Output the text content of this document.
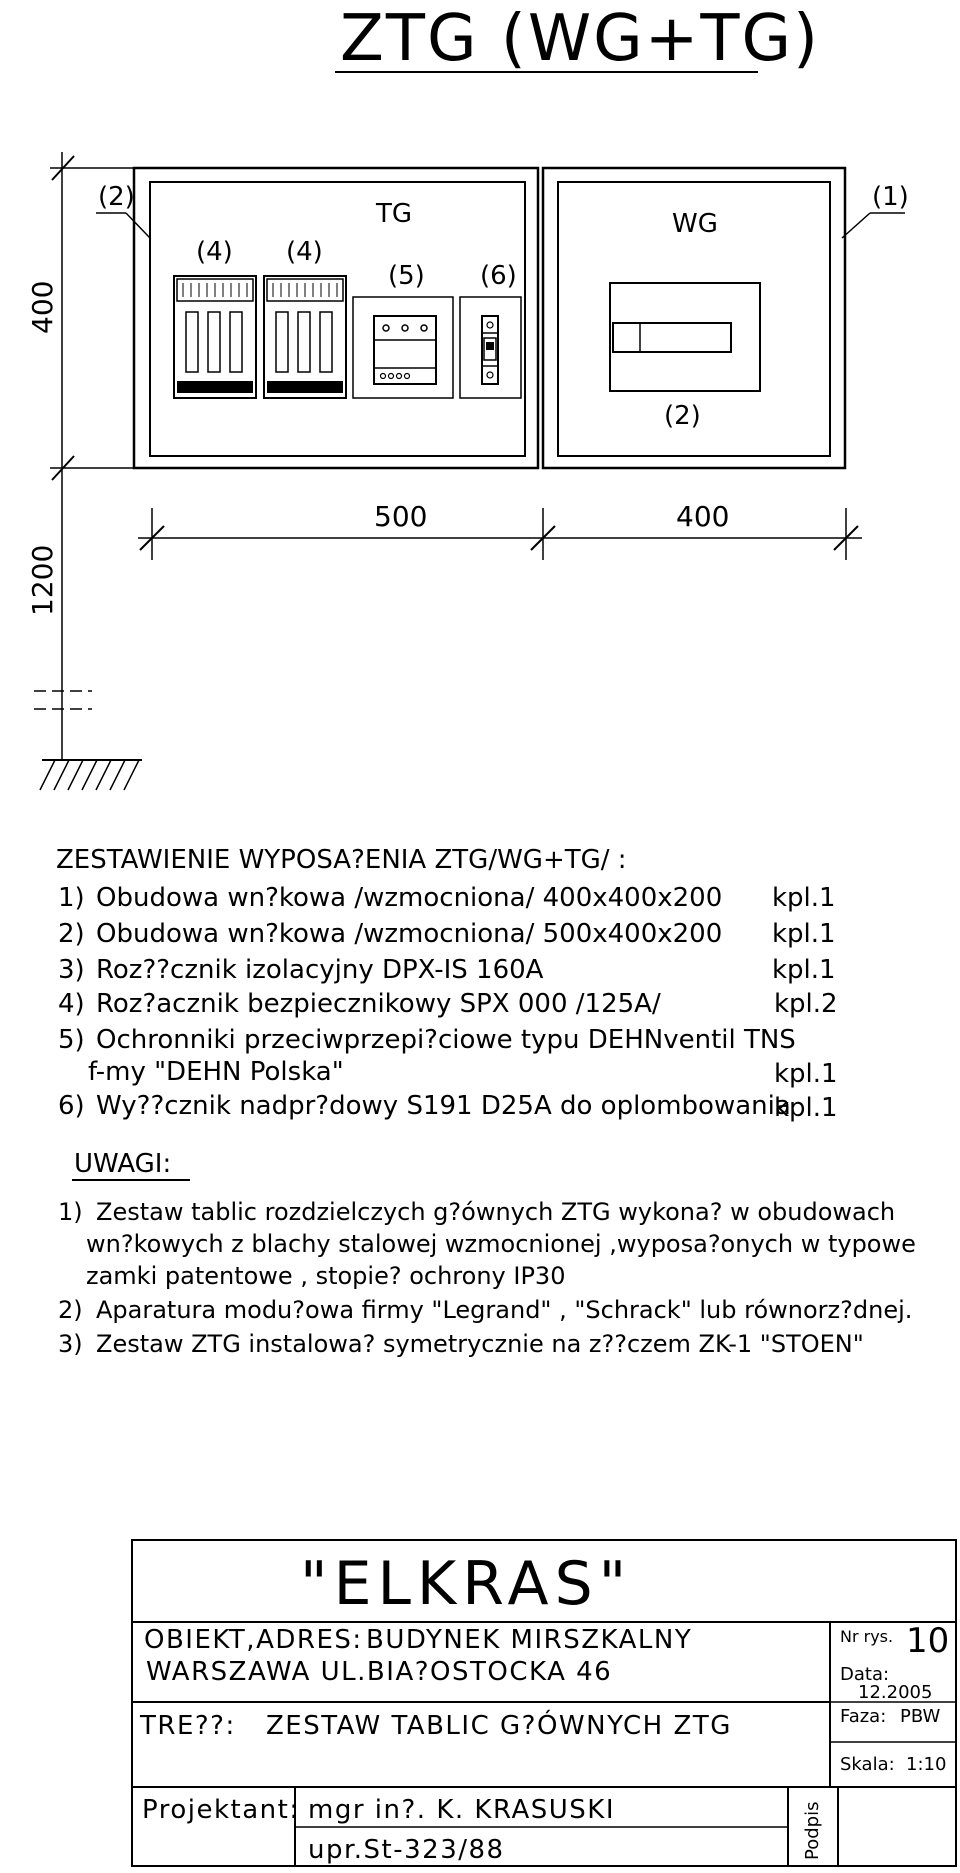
ZTG (WG+TG)
TG	WG
(4) (4)
(5) (6)
(2)
(2)	(1)
400
1200
500	400
ZESTAWIENIE WYPOSA?ENIA ZTG/WG+TG/ :
1) Obudowa wn?kowa /wzmocniona/ 400x400x200 kpl.1
2) Obudowa wn?kowa /wzmocniona/ 500x400x200 kpl.1
3) Roz??cznik izolacyjny DPX-IS 160A	kpl.1
4) Roz?acznik bezpiecznikowy SPX 000 /125A/	kpl.2
5) Ochronniki przeciwprzepi?ciowe typu DEHNventil TNS
f-my "DEHN Polska"	kpl.1
6) Wy??cznik nadpr?dowy S191 D25A do oplombowania
kpl.1
UWAGI:
1) Zestaw tablic rozdzielczych g?ównych ZTG wykona? w obudowach
wn?kowych z blachy stalowej wzmocnionej ,wyposa?onych w typowe
zamki patentowe , stopie? ochrony IP30
2) Aparatura modu?owa firmy "Legrand" , "Schrack" lub równorz?dnej.
3) Zestaw ZTG instalowa? symetrycznie na z??czem ZK-1 "STOEN"
"ELKRAS"
OBIEKT,ADRES: BUDYNEK MIRSZKALNY
WARSZAWA UL.BIA?OSTOCKA 46
TRE??: ZESTAW TABLIC G?ÓWNYCH ZTG
Projektant: mgr in?. K. KRASUSKI
upr.St-323/88	Podpis
Nr rys. 10
Data:
12.2005
Faza: PBW
Skala: 1:10
